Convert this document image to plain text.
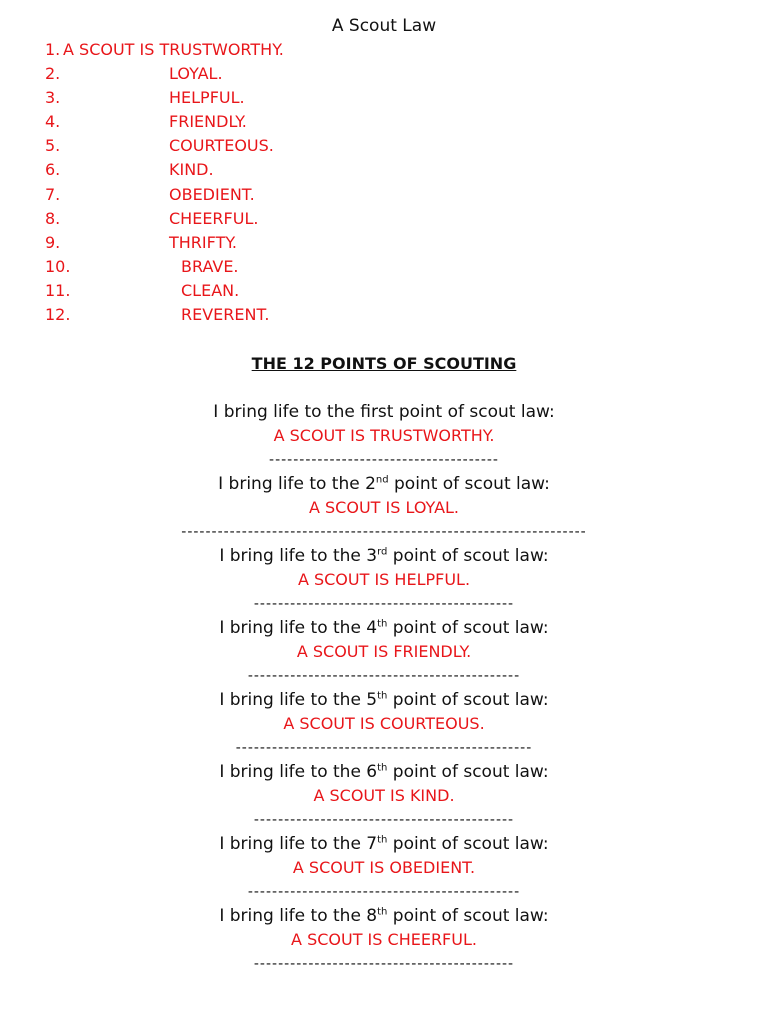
A Scout Law
1. A SCOUT IS TRUSTWORTHY.
2.	LOYAL.
3.	HELPFUL.
4.	FRIENDLY.
5.	COURTEOUS.
6.	KIND.
7.	OBEDIENT.
8.	CHEERFUL.
9.	THRIFTY.
10.	BRAVE.
11.	CLEAN.
12.	REVERENT.
THE 12 POINTS OF SCOUTING
I bring life to the first point of scout law:
A SCOUT IS TRUSTWORTHY.
--------------------------------------
I bring life to the 2nd point of scout law:
A SCOUT IS LOYAL.
-------------------------------------------------------------------
I bring life to the 3rd point of scout law:
A SCOUT IS HELPFUL.
-------------------------------------------
I bring life to the 4th point of scout law:
A SCOUT IS FRIENDLY.
---------------------------------------------
I bring life to the 5th point of scout law:
A SCOUT IS COURTEOUS.
-------------------------------------------------
I bring life to the 6th point of scout law:
A SCOUT IS KIND.
-------------------------------------------
I bring life to the 7th point of scout law:
A SCOUT IS OBEDIENT.
---------------------------------------------
I bring life to the 8th point of scout law:
A SCOUT IS CHEERFUL.
-------------------------------------------
